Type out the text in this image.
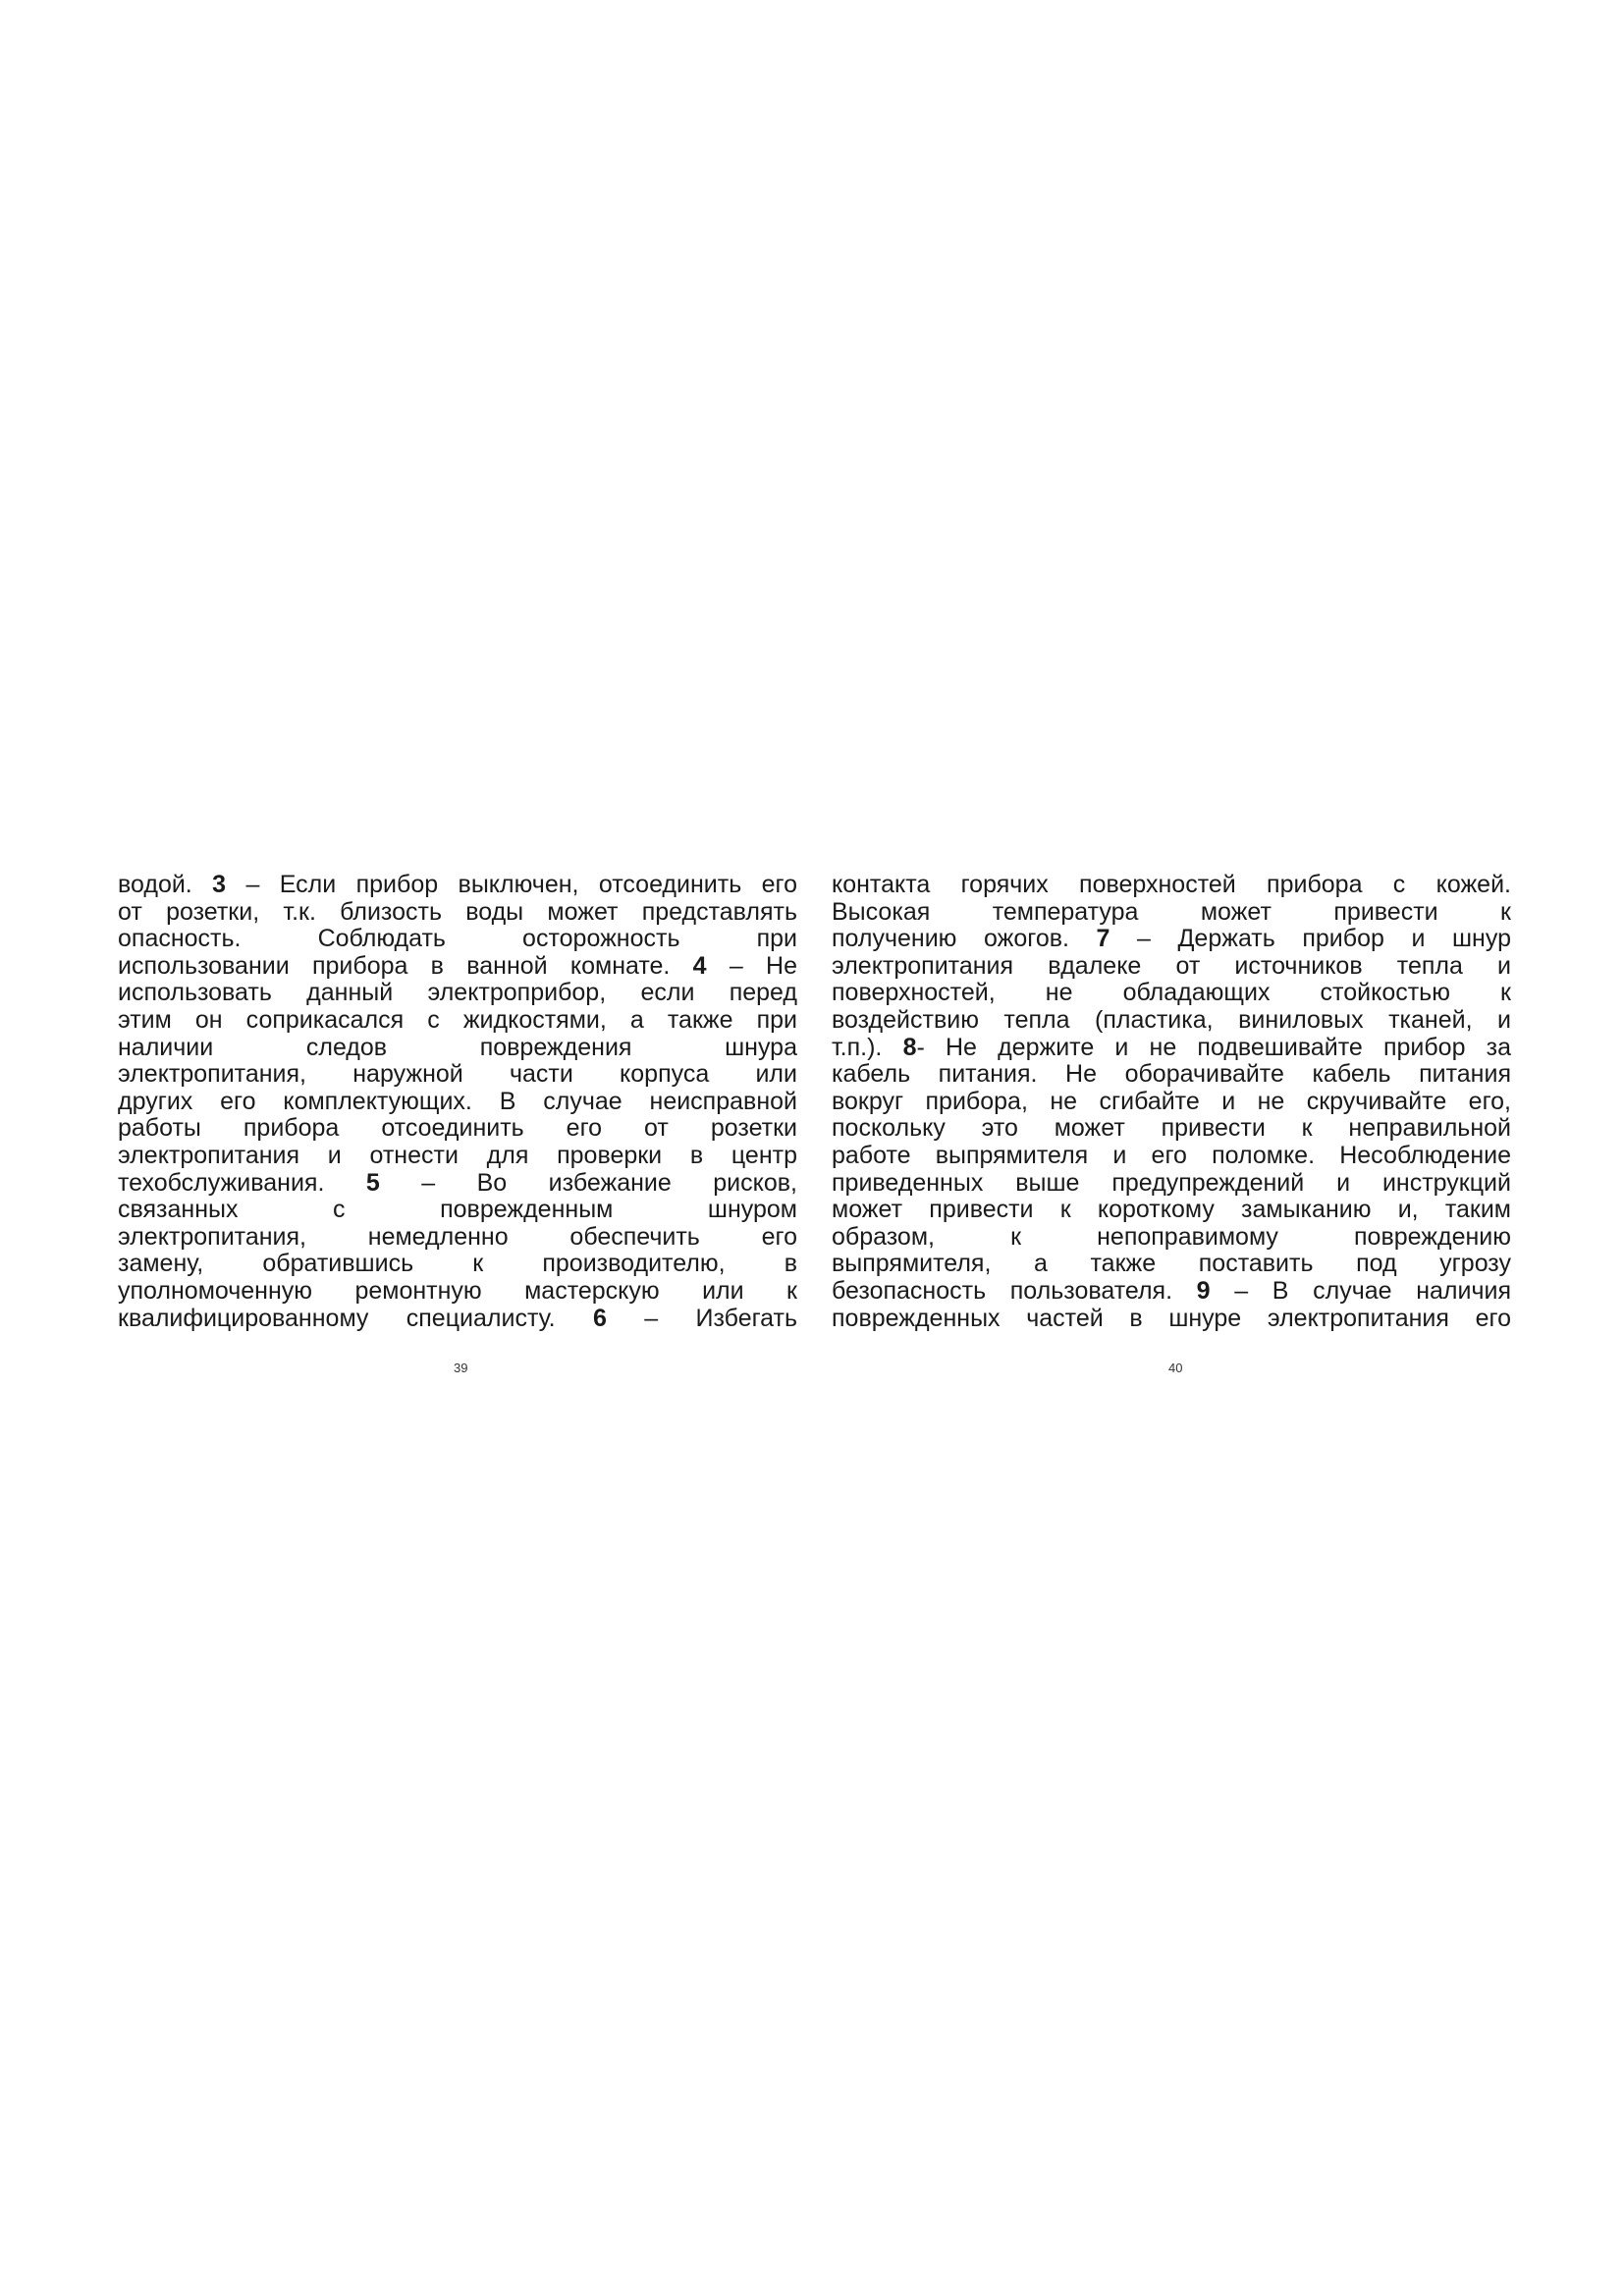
водой. 3 – Если прибор выключен, отсоединить его
от розетки, т.к. близость воды может представлять
опасность. Соблюдать осторожность при
использовании прибора в ванной комнате. 4 – Не
использовать данный электроприбор, если перед
этим он соприкасался с жидкостями, а также при
наличии следов повреждения шнура
электропитания, наружной части корпуса или
других его комплектующих. В случае неисправной
работы прибора отсоединить его от розетки
электропитания и отнести для проверки в центр
техобслуживания. 5 – Во избежание рисков,
связанных с поврежденным шнуром
электропитания, немедленно обеспечить его
замену, обратившись к производителю, в
уполномоченную ремонтную мастерскую или к
квалифицированному специалисту. 6 – Избегать
контакта горячих поверхностей прибора с кожей.
Высокая температура может привести к
получению ожогов. 7 – Держать прибор и шнур
электропитания вдалеке от источников тепла и
поверхностей, не обладающих стойкостью к
воздействию тепла (пластика, виниловых тканей, и
т.п.). 8- Не держите и не подвешивайте прибор за
кабель питания. Не оборачивайте кабель питания
вокруг прибора, не сгибайте и не скручивайте его,
поскольку это может привести к неправильной
работе выпрямителя и его поломке. Несоблюдение
приведенных выше предупреждений и инструкций
может привести к короткому замыканию и, таким
образом, к непоправимому повреждению
выпрямителя, а также поставить под угрозу
безопасность пользователя. 9 – В случае наличия
поврежденных частей в шнуре электропитания его
39	40
